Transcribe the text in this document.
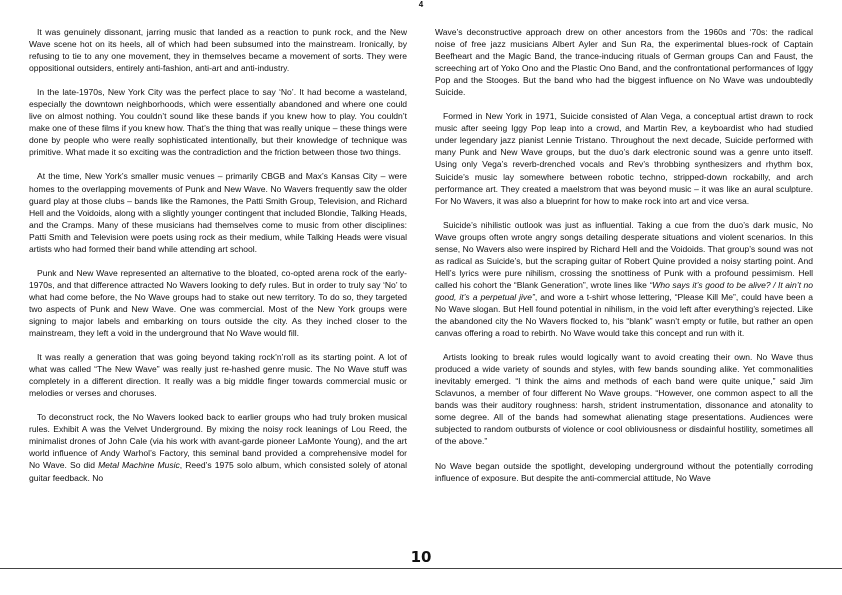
4

It was genuinely dissonant, jarring music that landed as a reaction to punk rock, and the New Wave scene hot on its heels, all of which had been subsumed into the mainstream. Ironically, by refusing to tie to any one movement, they in themselves became a movement of sorts. They were oppositional outsiders, entirely anti-fashion, anti-art and anti-industry.

In the late-1970s, New York City was the perfect place to say ‘No’. It had become a wasteland, especially the downtown neighborhoods, which were essentially abandoned and where one could live on almost nothing. You couldn’t sound like these bands if you knew how to play. You couldn’t make one of these films if you knew how. That’s the thing that was really unique – these things were done by people who were really sophisticated intentionally, but their knowledge of technique was primitive. What made it so exciting was the contradiction and the friction between those two things.

At the time, New York’s smaller music venues – primarily CBGB and Max’s Kansas City – were homes to the overlapping movements of Punk and New Wave. No Wavers frequently saw the older guard play at those clubs – bands like the Ramones, the Patti Smith Group, Television, and Richard Hell and the Voidoids, along with a slightly younger contingent that included Blondie, Talking Heads, and the Cramps. Many of these musicians had themselves come to music from other disciplines: Patti Smith and Television were poets using rock as their medium, while Talking Heads were visual artists who had formed their band while attending art school.

Punk and New Wave represented an alternative to the bloated, co-opted arena rock of the early-1970s, and that difference attracted No Wavers looking to defy rules. But in order to truly say ‘No’ to what had come before, the No Wave groups had to stake out new territory. To do so, they targeted two aspects of Punk and New Wave. One was commercial. Most of the New York groups were signing to major labels and embarking on tours outside the city. As they inched closer to the mainstream, they left a void in the underground that No Wave would fill.

It was really a generation that was going beyond taking rock’n’roll as its starting point. A lot of what was called “The New Wave” was really just re-hashed genre music. The No Wave stuff was completely in a different direction. It really was a big middle finger towards commercial music or melodies or verses and choruses.

To deconstruct rock, the No Wavers looked back to earlier groups who had truly broken musical rules. Exhibit A was the Velvet Underground. By mixing the noisy rock leanings of Lou Reed, the minimalist drones of John Cale (via his work with avant-garde pioneer LaMonte Young), and the art world influence of Andy Warhol’s Factory, this seminal band provided a comprehensive model for No Wave. So did Metal Machine Music, Reed’s 1975 solo album, which consisted solely of atonal guitar feedback. No

Wave’s deconstructive approach drew on other ancestors from the 1960s and ‘70s: the radical noise of free jazz musicians Albert Ayler and Sun Ra, the experimental blues-rock of Captain Beefheart and the Magic Band, the trance-inducing rituals of German groups Can and Faust, the screeching art of Yoko Ono and the Plastic Ono Band, and the confrontational performances of Iggy Pop and the Stooges. But the band who had the biggest influence on No Wave was undoubtedly Suicide.

Formed in New York in 1971, Suicide consisted of Alan Vega, a conceptual artist drawn to rock music after seeing Iggy Pop leap into a crowd, and Martin Rev, a keyboardist who had studied under legendary jazz pianist Lennie Tristano. Throughout the next decade, Suicide performed with many Punk and New Wave groups, but the duo’s dark electronic sound was a genre unto itself. Using only Vega’s reverb-drenched vocals and Rev’s throbbing synthesizers and rhythm box, Suicide’s music lay somewhere between robotic techno, stripped-down rockabilly, and arch performance art. They created a maelstrom that was beyond music – it was like an aural sculpture. For No Wavers, it was also a blueprint for how to make rock into art and vice versa.

Suicide’s nihilistic outlook was just as influential. Taking a cue from the duo’s dark music, No Wave groups often wrote angry songs detailing desperate situations and violent scenarios. In this sense, No Wavers also were inspired by Richard Hell and the Voidoids. That group’s sound was not as radical as Suicide’s, but the scraping guitar of Robert Quine provided a noisy starting point. And Hell’s lyrics were pure nihilism, crossing the snottiness of Punk with a profound pessimism. Hell called his cohort the “Blank Generation”, wrote lines like “Who says it’s good to be alive? / It ain’t no good, it’s a perpetual jive”, and wore a t-shirt whose lettering, “Please Kill Me”, could have been a No Wave slogan. But Hell found potential in nihilism, in the void left after everything’s rejected. Like the abandoned city the No Wavers flocked to, his “blank” wasn’t empty or futile, but rather an open canvas offering a road to rebirth. No Wave would take this concept and run with it.

Artists looking to break rules would logically want to avoid creating their own. No Wave thus produced a wide variety of sounds and styles, with few bands sounding alike. Yet commonalities inevitably emerged. “I think the aims and methods of each band were quite unique,” said Jim Sclavunos, a member of four different No Wave groups. “However, one common aspect to all the bands was their auditory roughness: harsh, strident instrumentation, dissonance and atonality to some degree. All of the bands had somewhat alienating stage presentations. Audiences were subjected to random outbursts of violence or cool obliviousness or disdainful hostility, sometimes all of the above.”

No Wave began outside the spotlight, developing underground without the potentially corroding influence of exposure. But despite the anti-commercial attitude, No Wave

10
